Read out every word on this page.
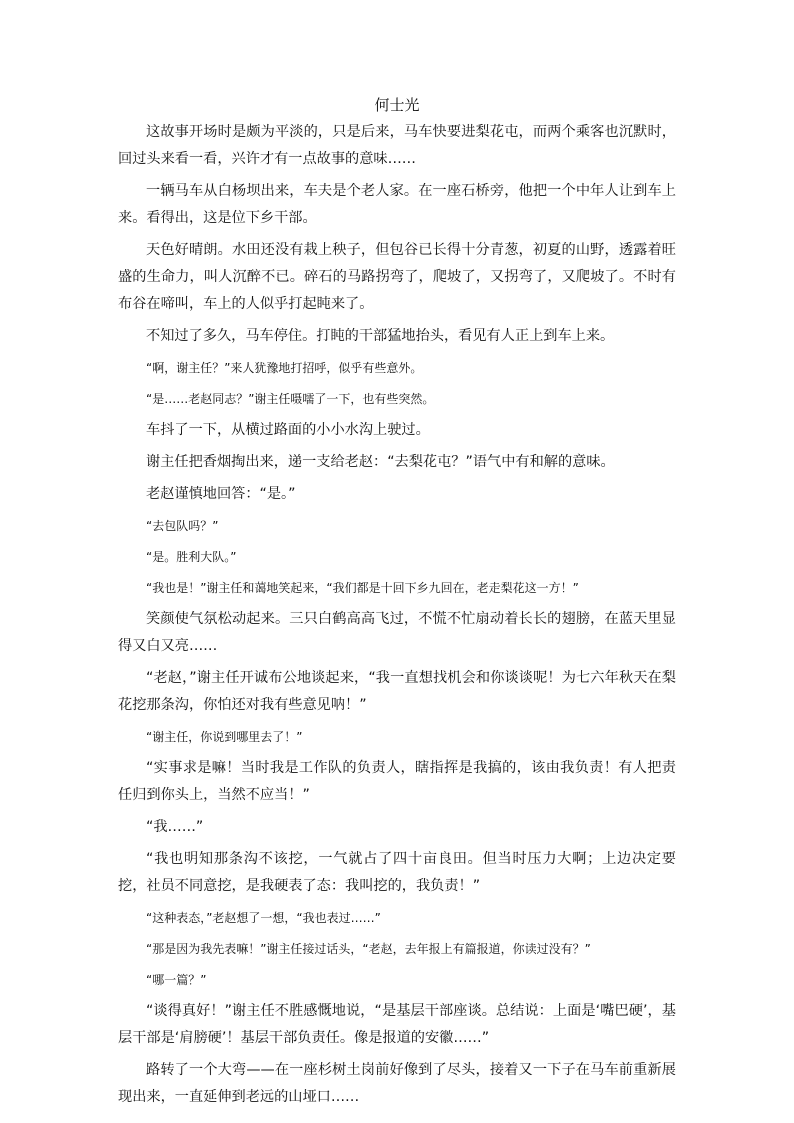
何士光

这故事开场时是颇为平淡的，只是后来，马车快要进梨花屯，而两个乘客也沉默时，回过头来看一看，兴许才有一点故事的意味……

一辆马车从白杨坝出来，车夫是个老人家。在一座石桥旁，他把一个中年人让到车上来。看得出，这是位下乡干部。

天色好晴朗。水田还没有栽上秧子，但包谷已长得十分青葱，初夏的山野，透露着旺盛的生命力，叫人沉醉不已。碎石的马路拐弯了，爬坡了，又拐弯了，又爬坡了。不时有布谷在啼叫，车上的人似乎打起盹来了。

不知过了多久，马车停住。打盹的干部猛地抬头，看见有人正上到车上来。

“啊，谢主任？”来人犹豫地打招呼，似乎有些意外。

“是……老赵同志？”谢主任嗫嚅了一下，也有些突然。

车抖了一下，从横过路面的小小水沟上驶过。

谢主任把香烟掏出来，递一支给老赵：“去梨花屯？”语气中有和解的意味。

老赵谨慎地回答：“是。”

“去包队吗？”

“是。胜利大队。”

“我也是！”谢主任和蔼地笑起来，“我们都是十回下乡九回在，老走梨花这一方！”

笑颜使气氛松动起来。三只白鹤高高飞过，不慌不忙扇动着长长的翅膀，在蓝天里显得又白又亮……

“老赵，”谢主任开诚布公地谈起来，“我一直想找机会和你谈谈呢！为七六年秋天在梨花挖那条沟，你怕还对我有些意见呐！”

“谢主任，你说到哪里去了！”

“实事求是嘛！当时我是工作队的负责人，瞎指挥是我搞的，该由我负责！有人把责任归到你头上，当然不应当！”

“我……”

“我也明知那条沟不该挖，一气就占了四十亩良田。但当时压力大啊；上边决定要挖，社员不同意挖，是我硬表了态：我叫挖的，我负责！”

“这种表态，”老赵想了一想，“我也表过……”

“那是因为我先表嘛！”谢主任接过话头，“老赵，去年报上有篇报道，你读过没有？”

“哪一篇？”

“谈得真好！”谢主任不胜感慨地说，“是基层干部座谈。总结说：上面是‘嘴巴硬’，基层干部是‘肩膀硬’！基层干部负责任。像是报道的安徽……”

路转了一个大弯——在一座杉树土岗前好像到了尽头，接着又一下子在马车前重新展现出来，一直延伸到老远的山垭口……
